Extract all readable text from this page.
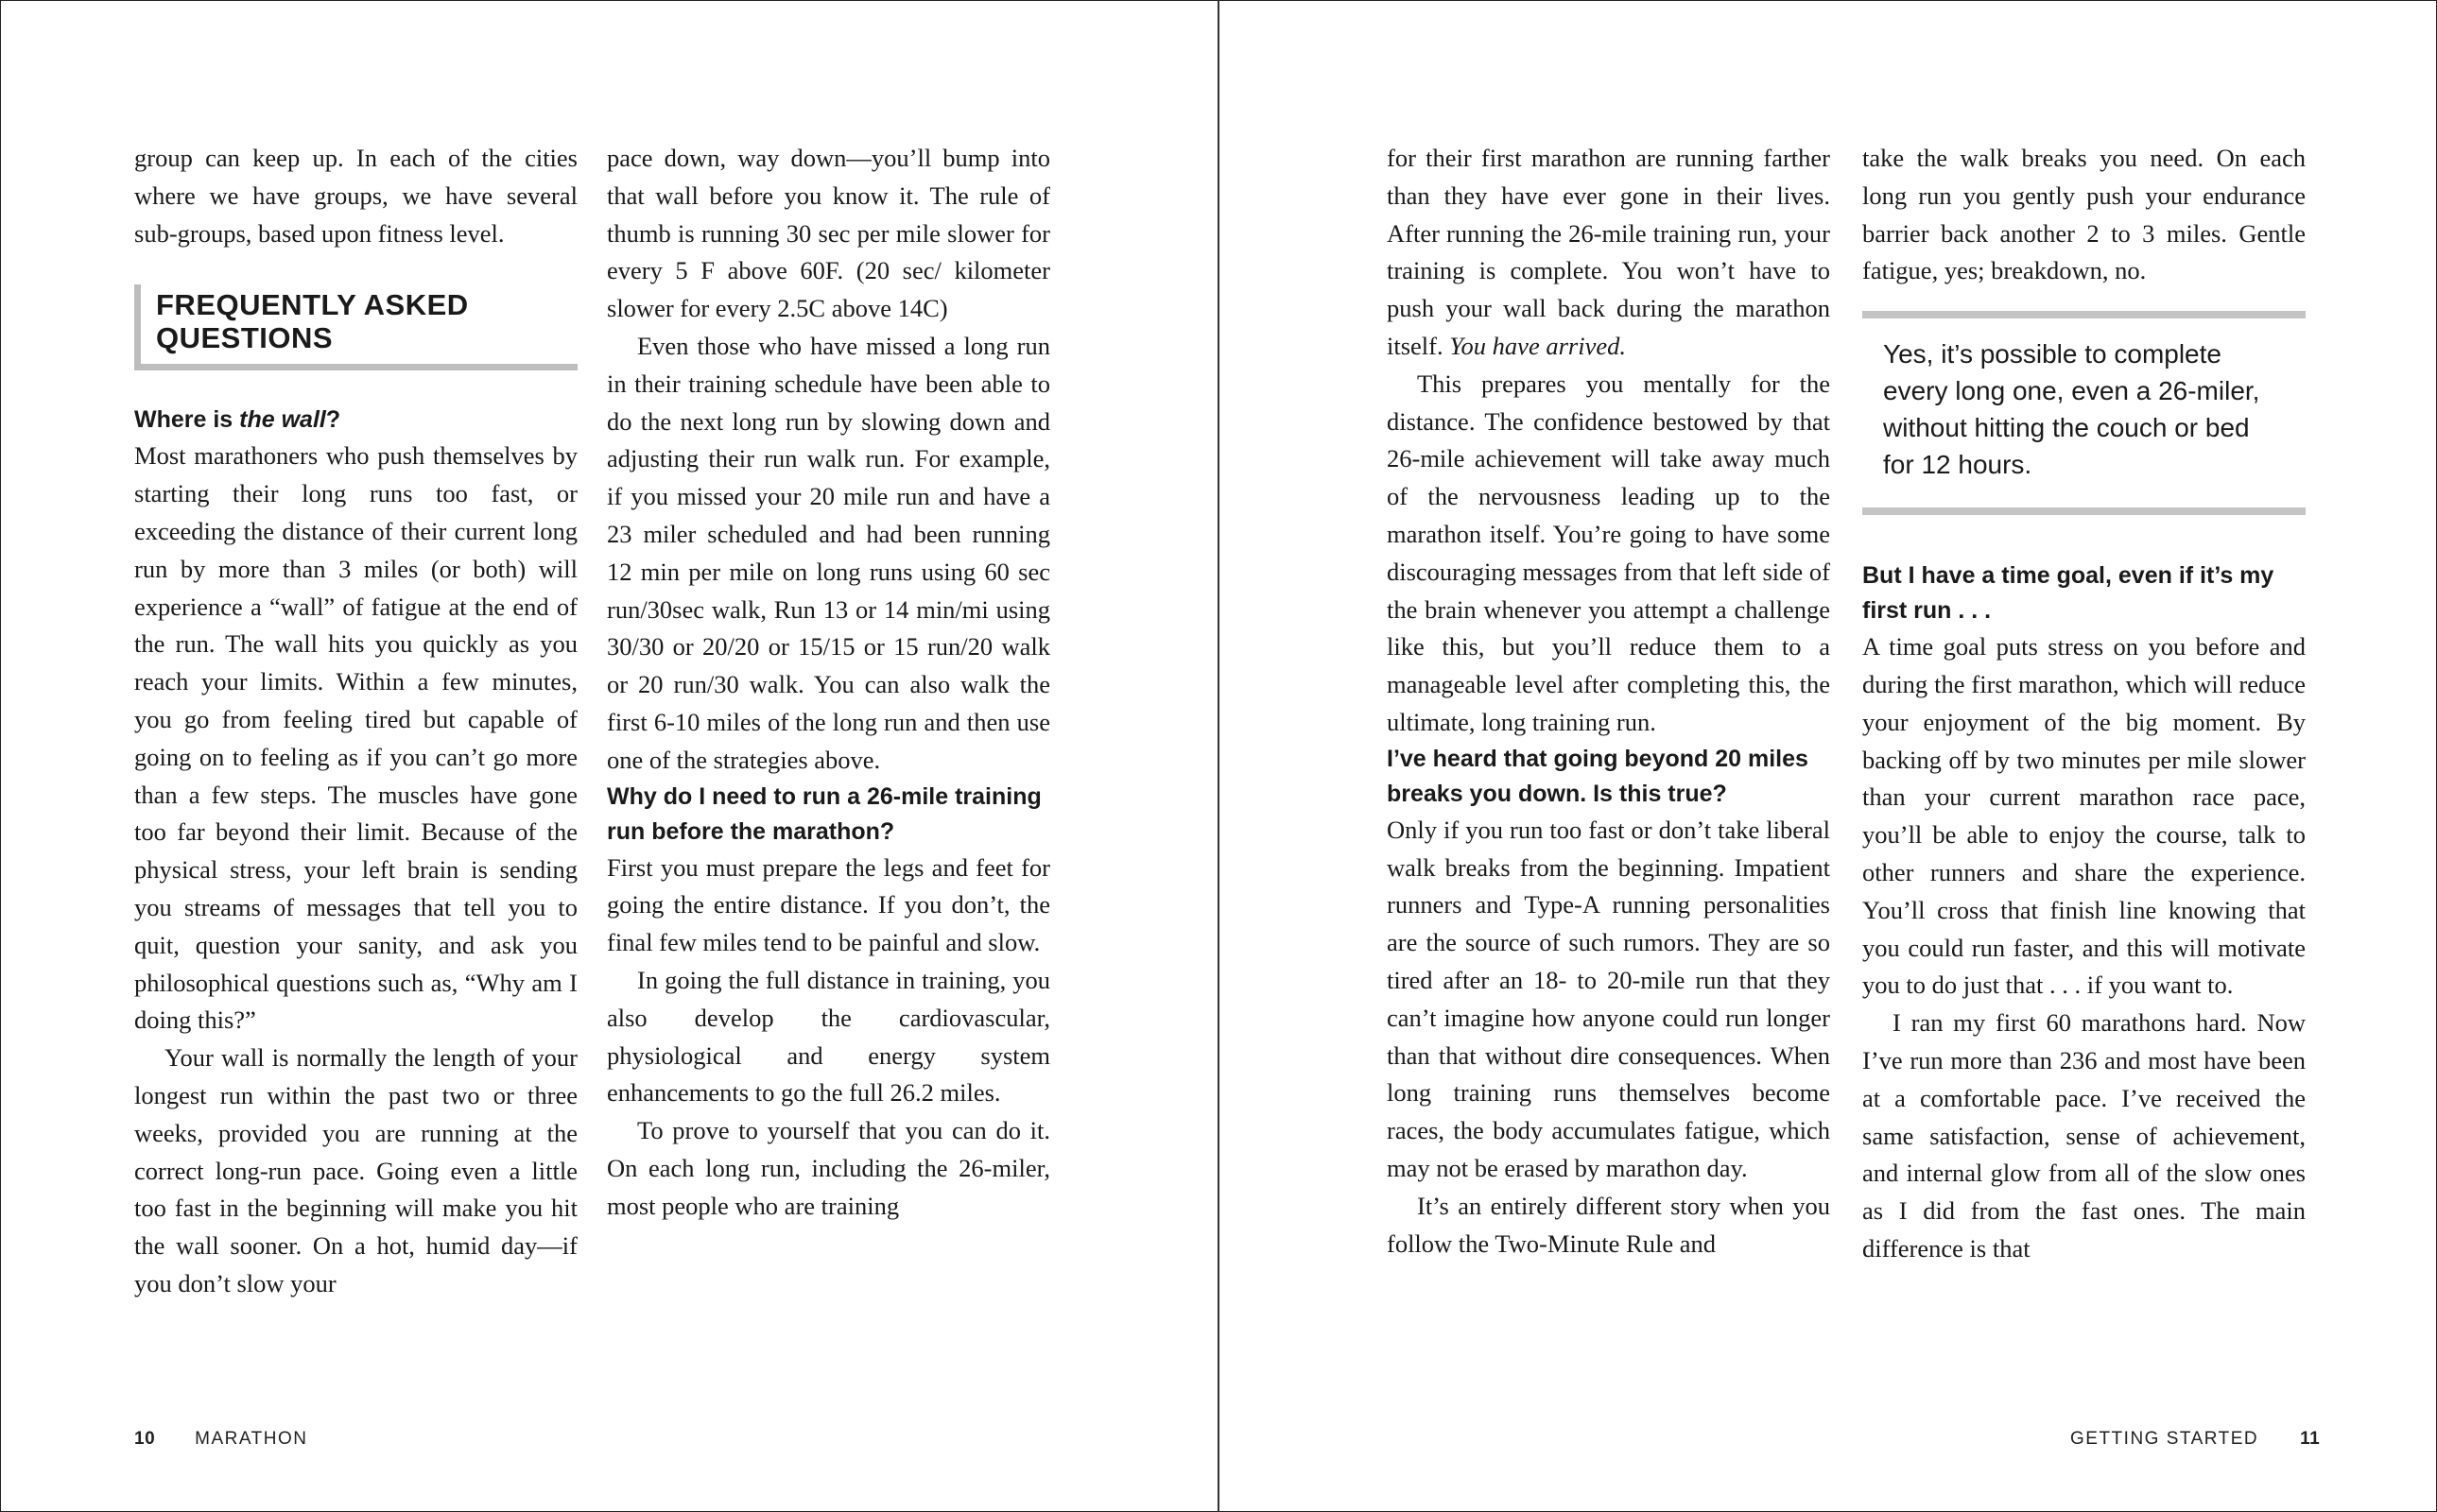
group can keep up. In each of the cities where we have groups, we have several sub-groups, based upon fitness level.

FREQUENTLY ASKED QUESTIONS

Where is the wall?

Most marathoners who push themselves by starting their long runs too fast, or exceeding the distance of their current long run by more than 3 miles (or both) will experience a “wall” of fatigue at the end of the run. The wall hits you quickly as you reach your limits. Within a few minutes, you go from feeling tired but capable of going on to feeling as if you can’t go more than a few steps. The muscles have gone too far beyond their limit. Because of the physical stress, your left brain is sending you streams of messages that tell you to quit, question your sanity, and ask you philosophical questions such as, “Why am I doing this?”

Your wall is normally the length of your longest run within the past two or three weeks, provided you are running at the correct long-run pace. Going even a little too fast in the beginning will make you hit the wall sooner. On a hot, humid day—if you don’t slow your

pace down, way down—you’ll bump into that wall before you know it. The rule of thumb is running 30 sec per mile slower for every 5 F above 60F. (20 sec/ kilometer slower for every 2.5C above 14C)

Even those who have missed a long run in their training schedule have been able to do the next long run by slowing down and adjusting their run walk run. For example, if you missed your 20 mile run and have a 23 miler scheduled and had been running 12 min per mile on long runs using 60 sec run/30sec walk, Run 13 or 14 min/mi using 30/30 or 20/20 or 15/15 or 15 run/20 walk or 20 run/30 walk. You can also walk the first 6-10 miles of the long run and then use one of the strategies above.

Why do I need to run a 26-mile training run before the marathon?

First you must prepare the legs and feet for going the entire distance. If you don’t, the final few miles tend to be painful and slow.

In going the full distance in training, you also develop the cardiovascular, physiological and energy system enhancements to go the full 26.2 miles.

To prove to yourself that you can do it. On each long run, including the 26-miler, most people who are training

for their first marathon are running farther than they have ever gone in their lives. After running the 26-mile training run, your training is complete. You won’t have to push your wall back during the marathon itself. You have arrived.

This prepares you mentally for the distance. The confidence bestowed by that 26-mile achievement will take away much of the nervousness leading up to the marathon itself. You’re going to have some discouraging messages from that left side of the brain whenever you attempt a challenge like this, but you’ll reduce them to a manageable level after completing this, the ultimate, long training run.

I’ve heard that going beyond 20 miles breaks you down. Is this true?

Only if you run too fast or don’t take liberal walk breaks from the beginning. Impatient runners and Type-A running personalities are the source of such rumors. They are so tired after an 18- to 20-mile run that they can’t imagine how anyone could run longer than that without dire consequences. When long training runs themselves become races, the body accumulates fatigue, which may not be erased by marathon day.

It’s an entirely different story when you follow the Two-Minute Rule and

take the walk breaks you need. On each long run you gently push your endurance barrier back another 2 to 3 miles. Gentle fatigue, yes; breakdown, no.

Yes, it’s possible to complete every long one, even a 26-miler, without hitting the couch or bed for 12 hours.

But I have a time goal, even if it’s my first run . . .

A time goal puts stress on you before and during the first marathon, which will reduce your enjoyment of the big moment. By backing off by two minutes per mile slower than your current marathon race pace, you’ll be able to enjoy the course, talk to other runners and share the experience. You’ll cross that finish line knowing that you could run faster, and this will motivate you to do just that . . . if you want to.

I ran my first 60 marathons hard. Now I’ve run more than 236 and most have been at a comfortable pace. I’ve received the same satisfaction, sense of achievement, and internal glow from all of the slow ones as I did from the fast ones. The main difference is that

10 MARATHON	GETTING STARTED 11
